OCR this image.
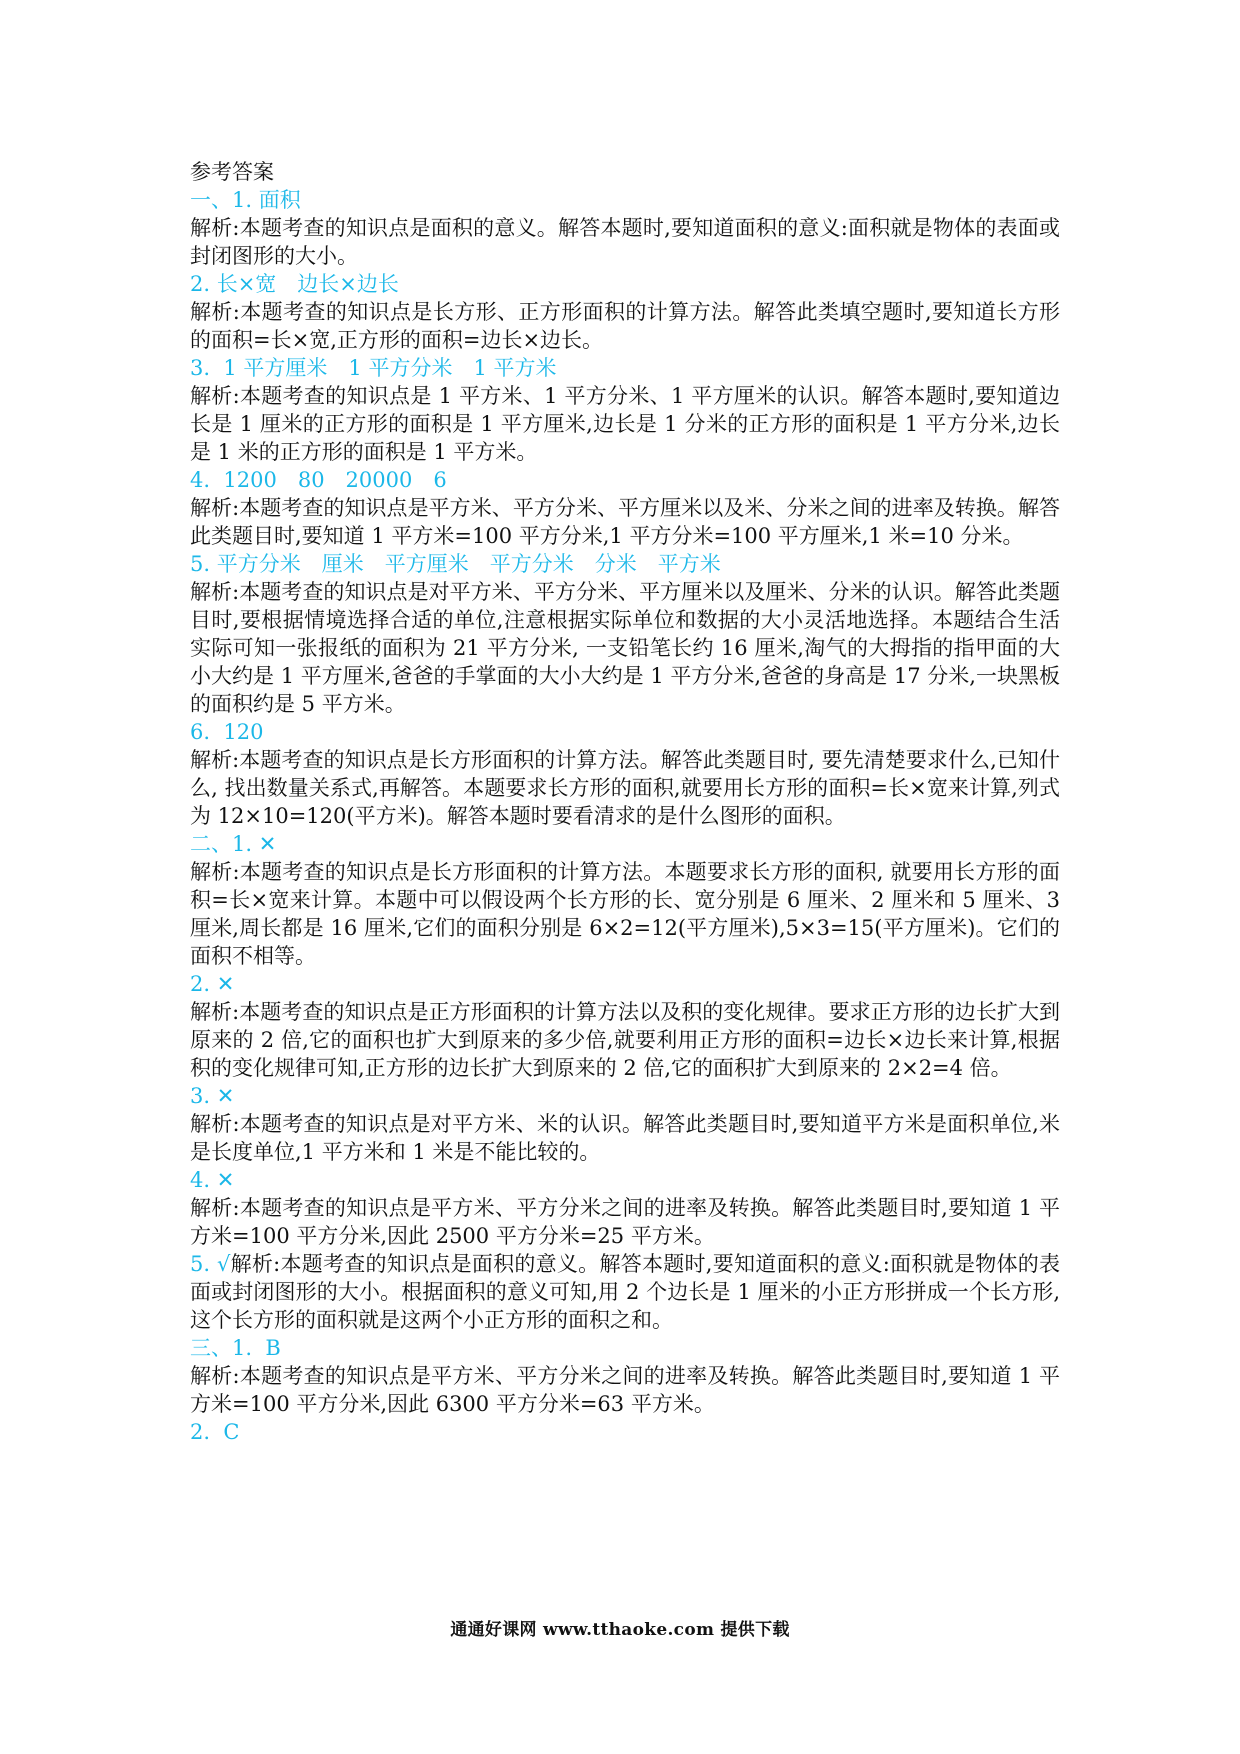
参考答案
一、1. 面积
解析:本题考查的知识点是面积的意义。解答本题时,要知道面积的意义:面积就是物体的表面或封闭图形的大小。
2. 长×宽　边长×边长
解析:本题考查的知识点是长方形、正方形面积的计算方法。解答此类填空题时,要知道长方形的面积=长×宽,正方形的面积=边长×边长。
3.  1 平方厘米　1 平方分米　1 平方米
解析:本题考查的知识点是 1 平方米、1 平方分米、1 平方厘米的认识。解答本题时,要知道边长是 1 厘米的正方形的面积是 1 平方厘米,边长是 1 分米的正方形的面积是 1 平方分米,边长是 1 米的正方形的面积是 1 平方米。
4.  1200　80　20000　6
解析:本题考查的知识点是平方米、平方分米、平方厘米以及米、分米之间的进率及转换。解答此类题目时,要知道 1 平方米=100 平方分米,1 平方分米=100 平方厘米,1 米=10 分米。
5. 平方分米　厘米　平方厘米　平方分米　分米　平方米
解析:本题考查的知识点是对平方米、平方分米、平方厘米以及厘米、分米的认识。解答此类题目时,要根据情境选择合适的单位,注意根据实际单位和数据的大小灵活地选择。本题结合生活实际可知一张报纸的面积为 21 平方分米, 一支铅笔长约 16 厘米,淘气的大拇指的指甲面的大小大约是 1 平方厘米,爸爸的手掌面的大小大约是 1 平方分米,爸爸的身高是 17 分米,一块黑板的面积约是 5 平方米。
6.  120
解析:本题考查的知识点是长方形面积的计算方法。解答此类题目时, 要先清楚要求什么,已知什么, 找出数量关系式,再解答。本题要求长方形的面积,就要用长方形的面积=长×宽来计算,列式为 12×10=120(平方米)。解答本题时要看清求的是什么图形的面积。
二、1. ✕
解析:本题考查的知识点是长方形面积的计算方法。本题要求长方形的面积, 就要用长方形的面积=长×宽来计算。本题中可以假设两个长方形的长、宽分别是 6 厘米、2 厘米和 5 厘米、3 厘米,周长都是 16 厘米,它们的面积分别是 6×2=12(平方厘米),5×3=15(平方厘米)。它们的面积不相等。
2. ✕
解析:本题考查的知识点是正方形面积的计算方法以及积的变化规律。要求正方形的边长扩大到原来的 2 倍,它的面积也扩大到原来的多少倍,就要利用正方形的面积=边长×边长来计算,根据积的变化规律可知,正方形的边长扩大到原来的 2 倍,它的面积扩大到原来的 2×2=4 倍。
3. ✕
解析:本题考查的知识点是对平方米、米的认识。解答此类题目时,要知道平方米是面积单位,米是长度单位,1 平方米和 1 米是不能比较的。
4. ✕
解析:本题考查的知识点是平方米、平方分米之间的进率及转换。解答此类题目时,要知道 1 平方米=100 平方分米,因此 2500 平方分米=25 平方米。
5. √解析:本题考查的知识点是面积的意义。解答本题时,要知道面积的意义:面积就是物体的表面或封闭图形的大小。根据面积的意义可知,用 2 个边长是 1 厘米的小正方形拼成一个长方形,这个长方形的面积就是这两个小正方形的面积之和。
三、1.  B
解析:本题考查的知识点是平方米、平方分米之间的进率及转换。解答此类题目时,要知道 1 平方米=100 平方分米,因此 6300 平方分米=63 平方米。
2.  C
通通好课网 www.tthaoke.com 提供下载
